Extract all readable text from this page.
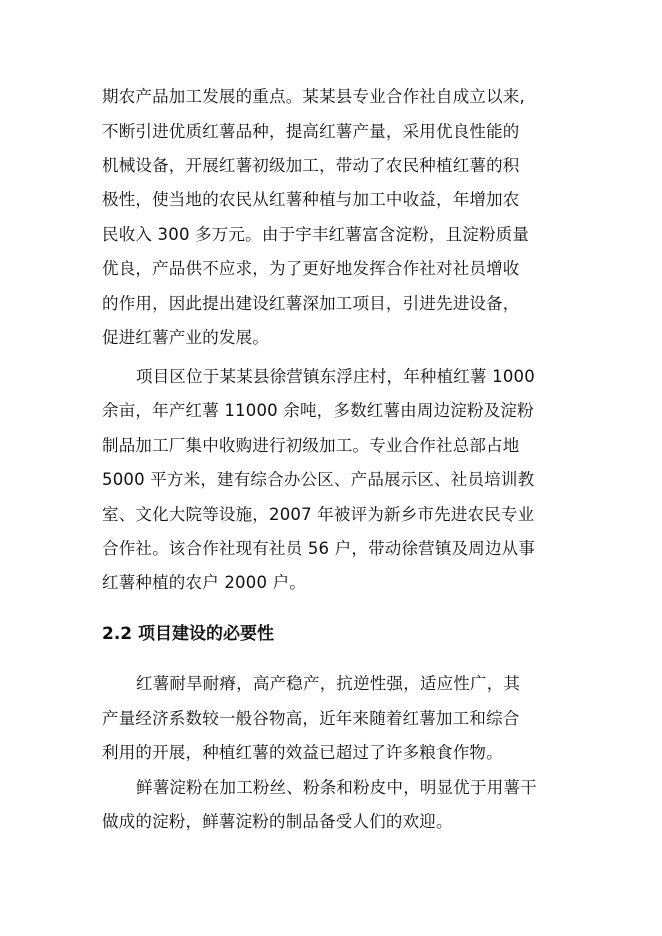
期农产品加工发展的重点。某某县专业合作社自成立以来,
不断引进优质红薯品种，提高红薯产量，采用优良性能的
机械设备，开展红薯初级加工，带动了农民种植红薯的积
极性，使当地的农民从红薯种植与加工中收益，年增加农
民收入 300 多万元。由于宇丰红薯富含淀粉，且淀粉质量
优良，产品供不应求，为了更好地发挥合作社对社员增收
的作用，因此提出建设红薯深加工项目，引进先进设备，
促进红薯产业的发展。
项目区位于某某县徐营镇东浮庄村，年种植红薯 1000
余亩，年产红薯 11000 余吨，多数红薯由周边淀粉及淀粉
制品加工厂集中收购进行初级加工。专业合作社总部占地
5000 平方米，建有综合办公区、产品展示区、社员培训教
室、文化大院等设施，2007 年被评为新乡市先进农民专业
合作社。该合作社现有社员 56 户，带动徐营镇及周边从事
红薯种植的农户 2000 户。
2.2 项目建设的必要性
红薯耐旱耐瘠，高产稳产，抗逆性强，适应性广，其
产量经济系数较一般谷物高，近年来随着红薯加工和综合
利用的开展，种植红薯的效益已超过了许多粮食作物。
鲜薯淀粉在加工粉丝、粉条和粉皮中，明显优于用薯干
做成的淀粉，鲜薯淀粉的制品备受人们的欢迎。
